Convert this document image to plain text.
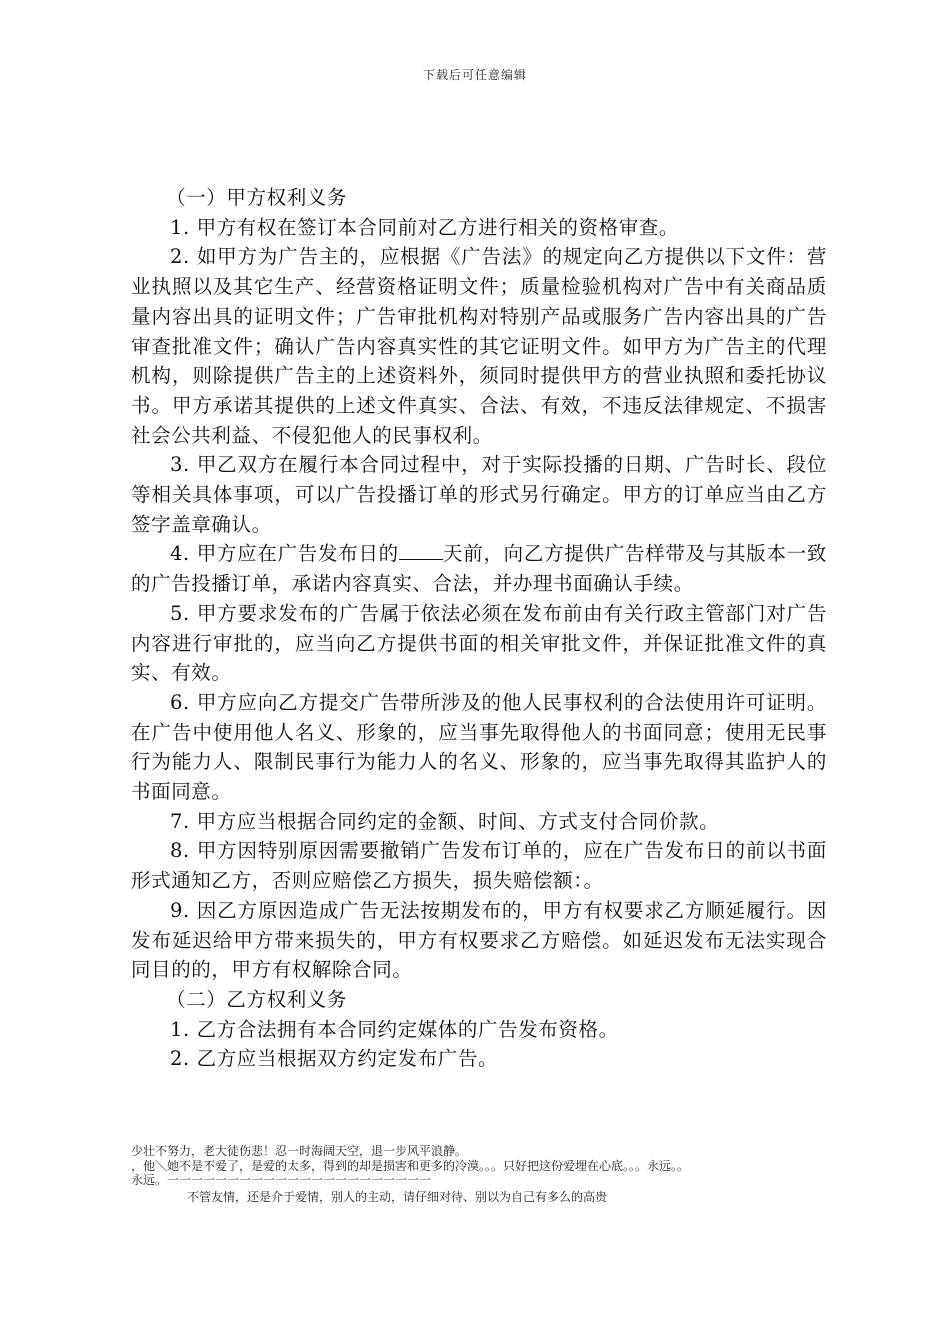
下载后可任意编辑

（一）甲方权利义务

1. 甲方有权在签订本合同前对乙方进行相关的资格审查。

2. 如甲方为广告主的，应根据《广告法》的规定向乙方提供以下文件：营业执照以及其它生产、经营资格证明文件；质量检验机构对广告中有关商品质量内容出具的证明文件；广告审批机构对特别产品或服务广告内容出具的广告审查批准文件；确认广告内容真实性的其它证明文件。如甲方为广告主的代理机构，则除提供广告主的上述资料外，须同时提供甲方的营业执照和委托协议书。甲方承诺其提供的上述文件真实、合法、有效，不违反法律规定、不损害社会公共利益、不侵犯他人的民事权利。

3. 甲乙双方在履行本合同过程中，对于实际投播的日期、广告时长、段位等相关具体事项，可以广告投播订单的形式另行确定。甲方的订单应当由乙方签字盖章确认。

4. 甲方应在广告发布日的 天前，向乙方提供广告样带及与其版本一致的广告投播订单，承诺内容真实、合法，并办理书面确认手续。

5. 甲方要求发布的广告属于依法必须在发布前由有关行政主管部门对广告内容进行审批的，应当向乙方提供书面的相关审批文件，并保证批准文件的真实、有效。

6. 甲方应向乙方提交广告带所涉及的他人民事权利的合法使用许可证明。在广告中使用他人名义、形象的，应当事先取得他人的书面同意；使用无民事行为能力人、限制民事行为能力人的名义、形象的，应当事先取得其监护人的书面同意。

7. 甲方应当根据合同约定的金额、时间、方式支付合同价款。

8. 甲方因特别原因需要撤销广告发布订单的，应在广告发布日的前以书面形式通知乙方，否则应赔偿乙方损失，损失赔偿额：。

9. 因乙方原因造成广告无法按期发布的，甲方有权要求乙方顺延履行。因发布延迟给甲方带来损失的，甲方有权要求乙方赔偿。如延迟发布无法实现合同目的的，甲方有权解除合同。

（二）乙方权利义务

1. 乙方合法拥有本合同约定媒体的广告发布资格。

2. 乙方应当根据双方约定发布广告。

少壮不努力，老大徒伤悲！忍一时海阔天空，退一步风平浪静。
，他＼她不是不爱了，是爱的太多，得到的却是损害和更多的冷漠。。。只好把这份爱埋在心底。。。永远。。
永远。一一一一一一一一一一一一一一一一一一一一一一
不管友情，还是介于爱情，别人的主动，请仔细对待、别以为自己有多么的高贵
